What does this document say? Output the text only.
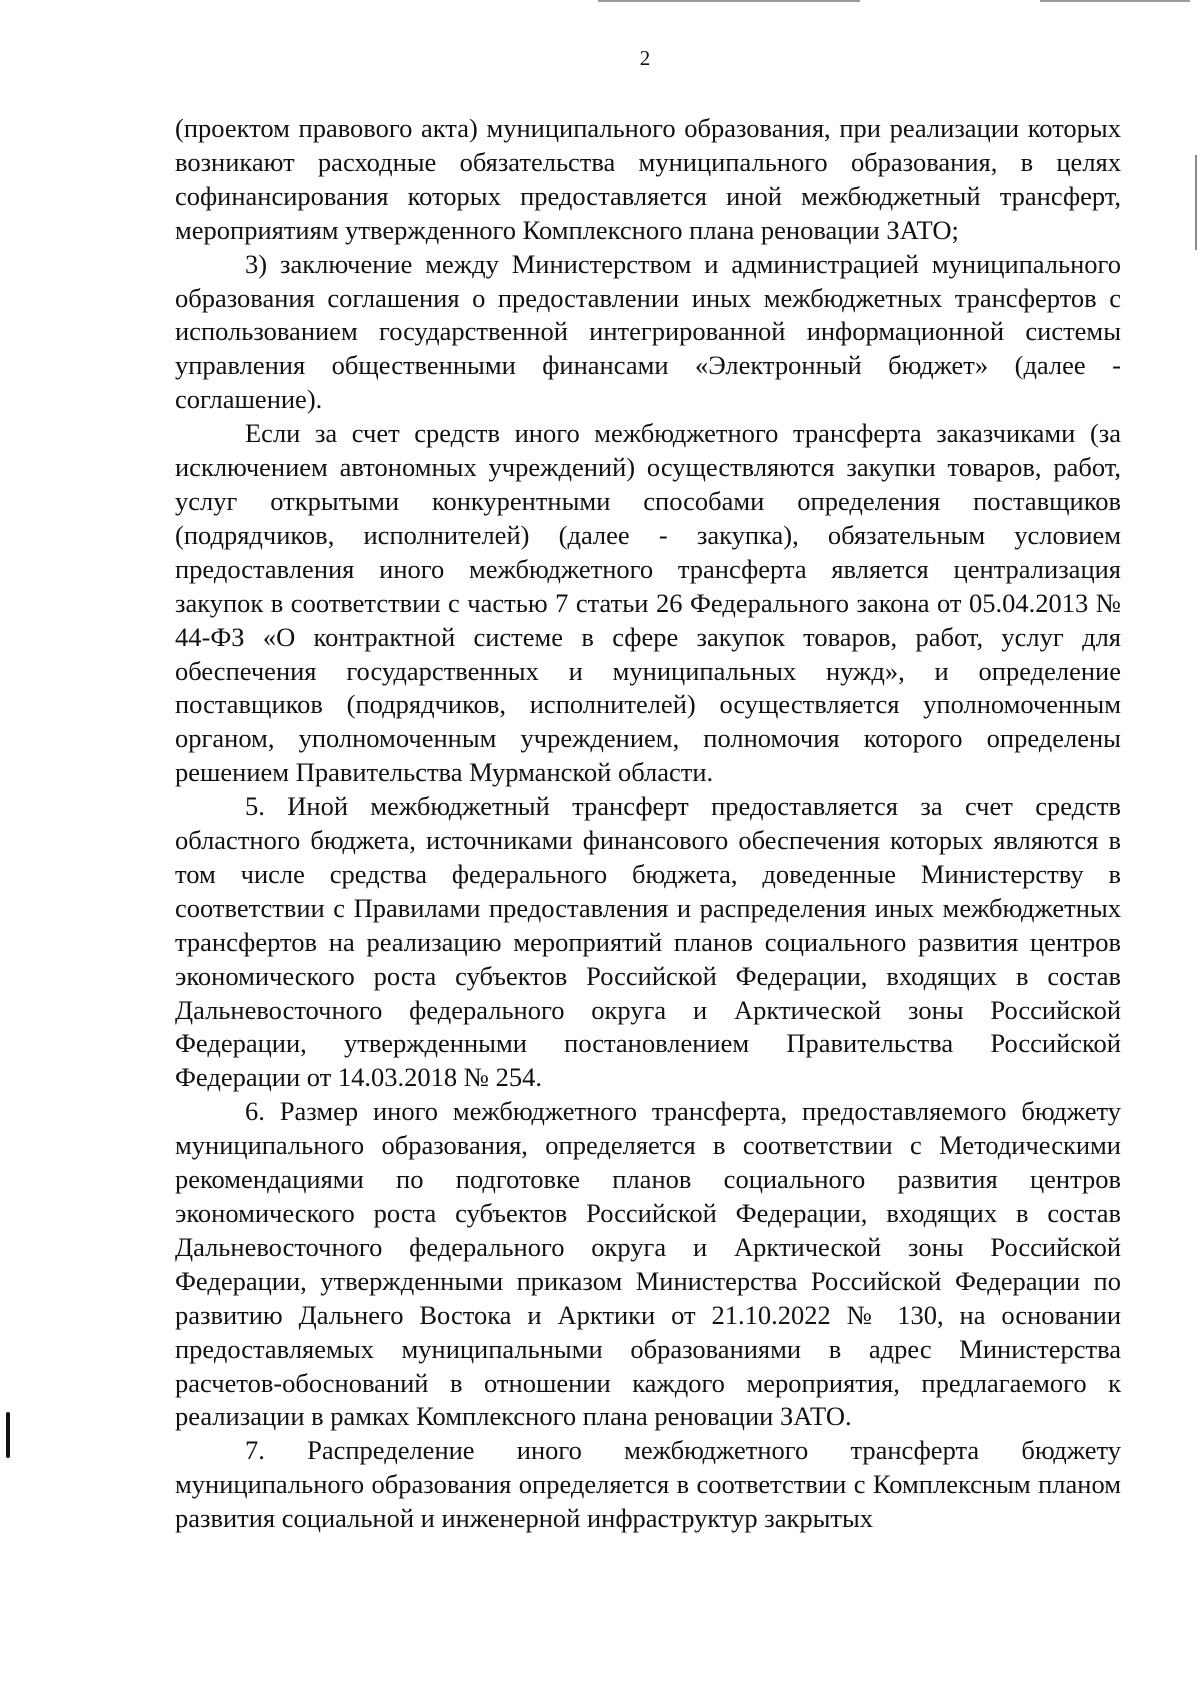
2

(проектом правового акта) муниципального образования, при реализации которых возникают расходные обязательства муниципального образования, в целях софинансирования которых предоставляется иной межбюджетный трансферт, мероприятиям утвержденного Комплексного плана реновации ЗАТО;

3) заключение между Министерством и администрацией муниципального образования соглашения о предоставлении иных межбюджетных трансфертов с использованием государственной интегрированной информационной системы управления общественными финансами «Электронный бюджет» (далее - соглашение).

Если за счет средств иного межбюджетного трансферта заказчиками (за исключением автономных учреждений) осуществляются закупки товаров, работ, услуг открытыми конкурентными способами определения поставщиков (подрядчиков, исполнителей) (далее - закупка), обязательным условием предоставления иного межбюджетного трансферта является централизация закупок в соответствии с частью 7 статьи 26 Федерального закона от 05.04.2013 № 44-ФЗ «О контрактной системе в сфере закупок товаров, работ, услуг для обеспечения государственных и муниципальных нужд», и определение поставщиков (подрядчиков, исполнителей) осуществляется уполномоченным органом, уполномоченным учреждением, полномочия которого определены решением Правительства Мурманской области.

5. Иной межбюджетный трансферт предоставляется за счет средств областного бюджета, источниками финансового обеспечения которых являются в том числе средства федерального бюджета, доведенные Министерству в соответствии с Правилами предоставления и распределения иных межбюджетных трансфертов на реализацию мероприятий планов социального развития центров экономического роста субъектов Российской Федерации, входящих в состав Дальневосточного федерального округа и Арктической зоны Российской Федерации, утвержденными постановлением Правительства Российской Федерации от 14.03.2018 № 254.

6. Размер иного межбюджетного трансферта, предоставляемого бюджету муниципального образования, определяется в соответствии с Методическими рекомендациями по подготовке планов социального развития центров экономического роста субъектов Российской Федерации, входящих в состав Дальневосточного федерального округа и Арктической зоны Российской Федерации, утвержденными приказом Министерства Российской Федерации по развитию Дальнего Востока и Арктики от 21.10.2022 № 130, на основании предоставляемых муниципальными образованиями в адрес Министерства расчетов-обоснований в отношении каждого мероприятия, предлагаемого к реализации в рамках Комплексного плана реновации ЗАТО.

7. Распределение иного межбюджетного трансферта бюджету муниципального образования определяется в соответствии с Комплексным планом развития социальной и инженерной инфраструктур закрытых
